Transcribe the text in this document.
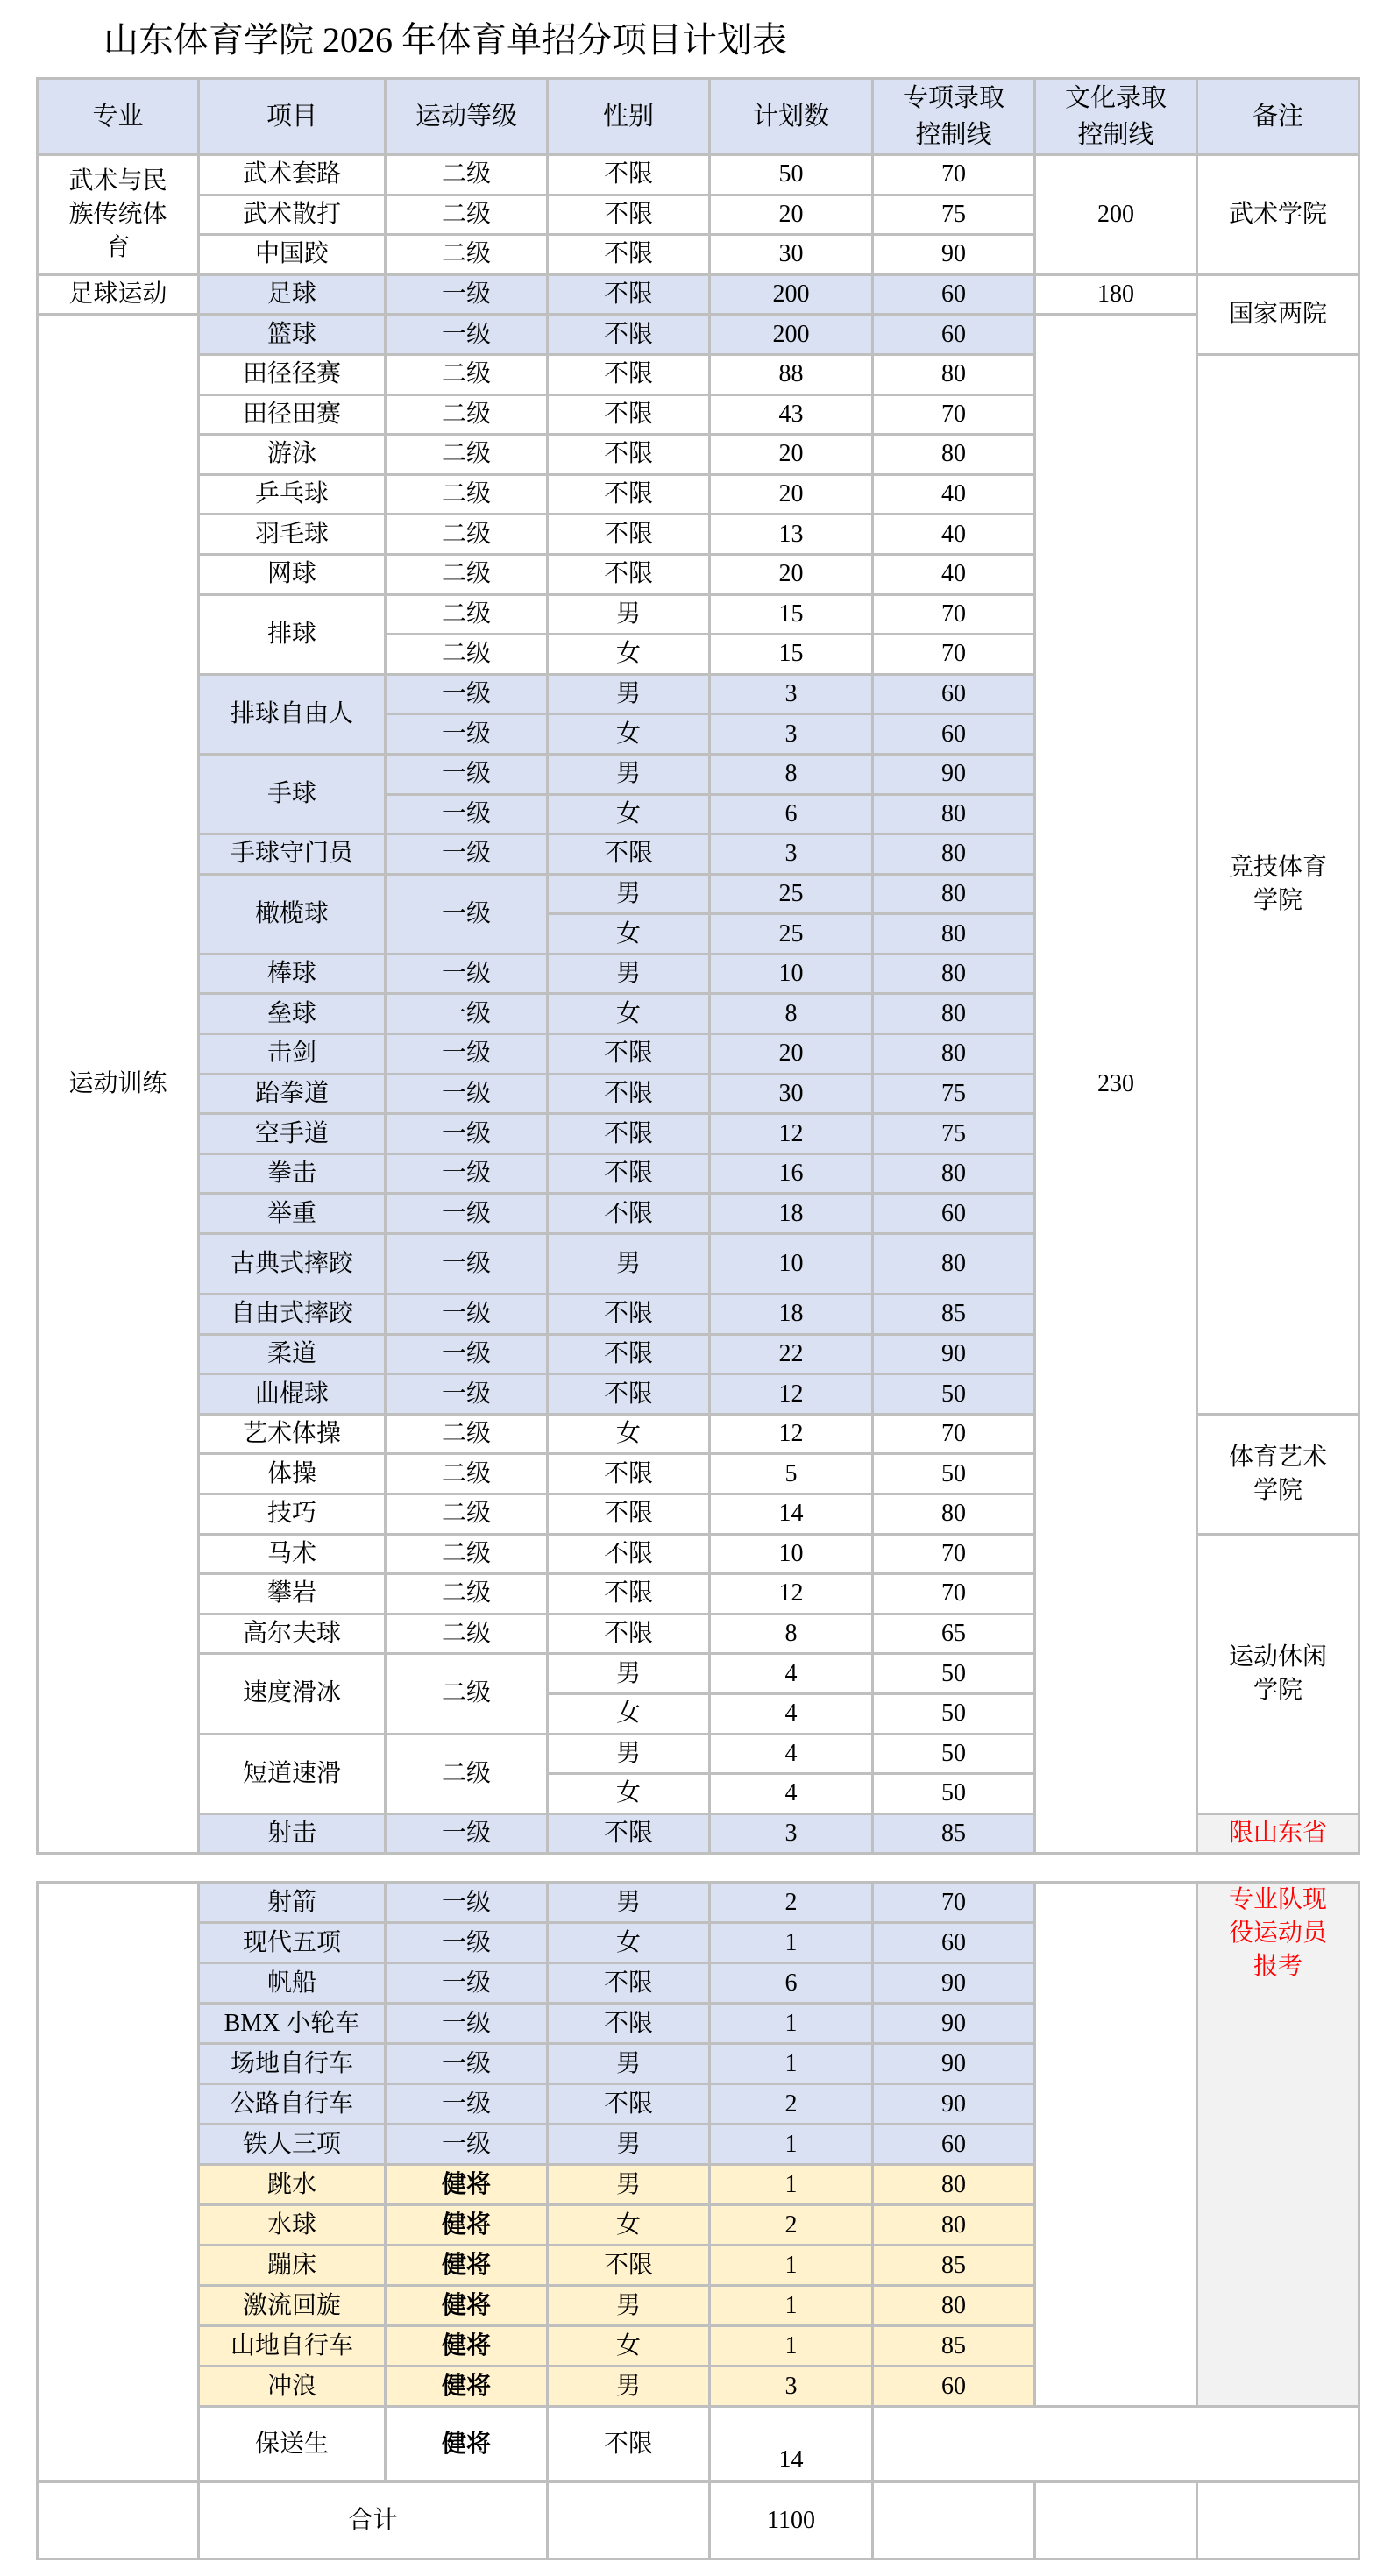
山东体育学院 2026 年体育单招分项目计划表
专业	项目	运动等级	性别	计划数	专项录取控制线	文化录取控制线	备注
武术与民族传统体育	武术套路	二级	不限	50	70	200	武术学院
	武术散打	二级	不限	20	75		
	中国跤	二级	不限	30	90		
足球运动	足球	一级	不限	200	60	180	国家两院
运动训练	篮球	一级	不限	200	60	230	
	田径径赛	二级	不限	88	80		竞技体育学院
	田径田赛	二级	不限	43	70		
	游泳	二级	不限	20	80		
	乒乓球	二级	不限	20	40		
	羽毛球	二级	不限	13	40		
	网球	二级	不限	20	40		
	排球	二级	男	15	70		
		二级	女	15	70		
	排球自由人	一级	男	3	60		
		一级	女	3	60		
	手球	一级	男	8	90		
		一级	女	6	80		
	手球守门员	一级	不限	3	80		
	橄榄球	一级	男	25	80		
			女	25	80		
	棒球	一级	男	10	80		
	垒球	一级	女	8	80		
	击剑	一级	不限	20	80		
	跆拳道	一级	不限	30	75		
	空手道	一级	不限	12	75		
	拳击	一级	不限	16	80		
	举重	一级	不限	18	60		
	古典式摔跤	一级	男	10	80		
	自由式摔跤	一级	不限	18	85		
	柔道	一级	不限	22	90		
	曲棍球	一级	不限	12	50		
	艺术体操	二级	女	12	70		体育艺术学院
	体操	二级	不限	5	50		
	技巧	二级	不限	14	80		
	马术	二级	不限	10	70		运动休闲学院
	攀岩	二级	不限	12	70		
	高尔夫球	二级	不限	8	65		
	速度滑冰	二级	男	4	50		
			女	4	50		
	短道速滑	二级	男	4	50		
			女	4	50		
	射击	一级	不限	3	85		限山东省
	射箭	一级	男	2	70		专业队现役运动员报考
	现代五项	一级	女	1	60		
	帆船	一级	不限	6	90		
	BMX 小轮车	一级	不限	1	90		
	场地自行车	一级	男	1	90		
	公路自行车	一级	不限	2	90		
	铁人三项	一级	男	1	60		
	跳水	健将	男	1	80		
	水球	健将	女	2	80		
	蹦床	健将	不限	1	85		
	激流回旋	健将	男	1	80		
	山地自行车	健将	女	1	85		
	冲浪	健将	男	3	60		
	保送生	健将	不限	14			
	合计			1100			
